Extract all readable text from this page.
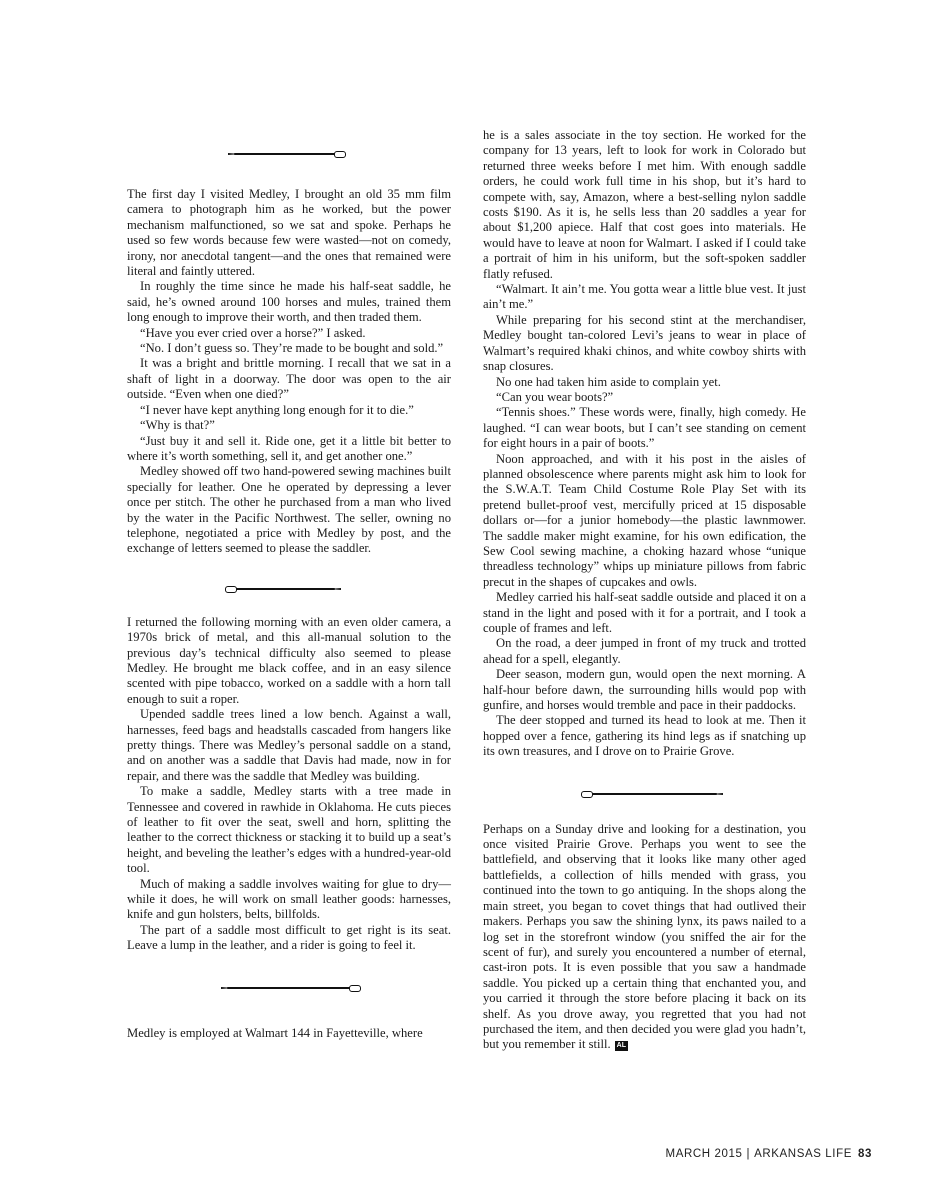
The first day I visited Medley, I brought an old 35 mm film camera to photograph him as he worked, but the power mechanism malfunctioned, so we sat and spoke. Perhaps he used so few words because few were wasted—not on comedy, irony, nor anecdotal tangent—and the ones that remained were literal and faintly uttered.

In roughly the time since he made his half-seat saddle, he said, he’s owned around 100 horses and mules, trained them long enough to improve their worth, and then traded them.

“Have you ever cried over a horse?” I asked.

“No. I don’t guess so. They’re made to be bought and sold.”

It was a bright and brittle morning. I recall that we sat in a shaft of light in a doorway. The door was open to the air outside. “Even when one died?”

“I never have kept anything long enough for it to die.”

“Why is that?”

“Just buy it and sell it. Ride one, get it a little bit better to where it’s worth something, sell it, and get another one.”

Medley showed off two hand-powered sewing machines built specially for leather. One he operated by depressing a lever once per stitch. The other he purchased from a man who lived by the water in the Pacific Northwest. The seller, owning no telephone, negotiated a price with Medley by post, and the exchange of letters seemed to please the saddler.

I returned the following morning with an even older camera, a 1970s brick of metal, and this all-manual solution to the previous day’s technical difficulty also seemed to please Medley. He brought me black coffee, and in an easy silence scented with pipe tobacco, worked on a saddle with a horn tall enough to suit a roper.

Upended saddle trees lined a low bench. Against a wall, harnesses, feed bags and headstalls cascaded from hangers like pretty things. There was Medley’s personal saddle on a stand, and on another was a saddle that Davis had made, now in for repair, and there was the saddle that Medley was building.

To make a saddle, Medley starts with a tree made in Tennessee and covered in rawhide in Oklahoma. He cuts pieces of leather to fit over the seat, swell and horn, splitting the leather to the correct thickness or stacking it to build up a seat’s height, and beveling the leather’s edges with a hundred-year-old tool.

Much of making a saddle involves waiting for glue to dry—while it does, he will work on small leather goods: harnesses, knife and gun holsters, belts, billfolds.

The part of a saddle most difficult to get right is its seat. Leave a lump in the leather, and a rider is going to feel it.

Medley is employed at Walmart 144 in Fayetteville, where

he is a sales associate in the toy section. He worked for the company for 13 years, left to look for work in Colorado but returned three weeks before I met him. With enough saddle orders, he could work full time in his shop, but it’s hard to compete with, say, Amazon, where a best-selling nylon saddle costs $190. As it is, he sells less than 20 saddles a year for about $1,200 apiece. Half that cost goes into materials. He would have to leave at noon for Walmart. I asked if I could take a portrait of him in his uniform, but the soft-spoken saddler flatly refused.

“Walmart. It ain’t me. You gotta wear a little blue vest. It just ain’t me.”

While preparing for his second stint at the merchandiser, Medley bought tan-colored Levi’s jeans to wear in place of Walmart’s required khaki chinos, and white cowboy shirts with snap closures.

No one had taken him aside to complain yet.

“Can you wear boots?”

“Tennis shoes.” These words were, finally, high comedy. He laughed. “I can wear boots, but I can’t see standing on cement for eight hours in a pair of boots.”

Noon approached, and with it his post in the aisles of planned obsolescence where parents might ask him to look for the S.W.A.T. Team Child Costume Role Play Set with its pretend bullet-proof vest, mercifully priced at 15 disposable dollars or—for a junior homebody—the plastic lawnmower. The saddle maker might examine, for his own edification, the Sew Cool sewing machine, a choking hazard whose “unique threadless technology” whips up miniature pillows from fabric precut in the shapes of cupcakes and owls.

Medley carried his half-seat saddle outside and placed it on a stand in the light and posed with it for a portrait, and I took a couple of frames and left.

On the road, a deer jumped in front of my truck and trotted ahead for a spell, elegantly.

Deer season, modern gun, would open the next morning. A half-hour before dawn, the surrounding hills would pop with gunfire, and horses would tremble and pace in their paddocks.

The deer stopped and turned its head to look at me. Then it hopped over a fence, gathering its hind legs as if snatching up its own treasures, and I drove on to Prairie Grove.

Perhaps on a Sunday drive and looking for a destination, you once visited Prairie Grove. Perhaps you went to see the battlefield, and observing that it looks like many other aged battlefields, a collection of hills mended with grass, you continued into the town to go antiquing. In the shops along the main street, you began to covet things that had outlived their makers. Perhaps you saw the shining lynx, its paws nailed to a log set in the storefront window (you sniffed the air for the scent of fur), and surely you encountered a number of eternal, cast-iron pots. It is even possible that you saw a handmade saddle. You picked up a certain thing that enchanted you, and you carried it through the store before placing it back on its shelf. As you drove away, you regretted that you had not purchased the item, and then decided you were glad you hadn’t, but you remember it still. AL

MARCH 2015 | ARKANSAS LIFE 83
